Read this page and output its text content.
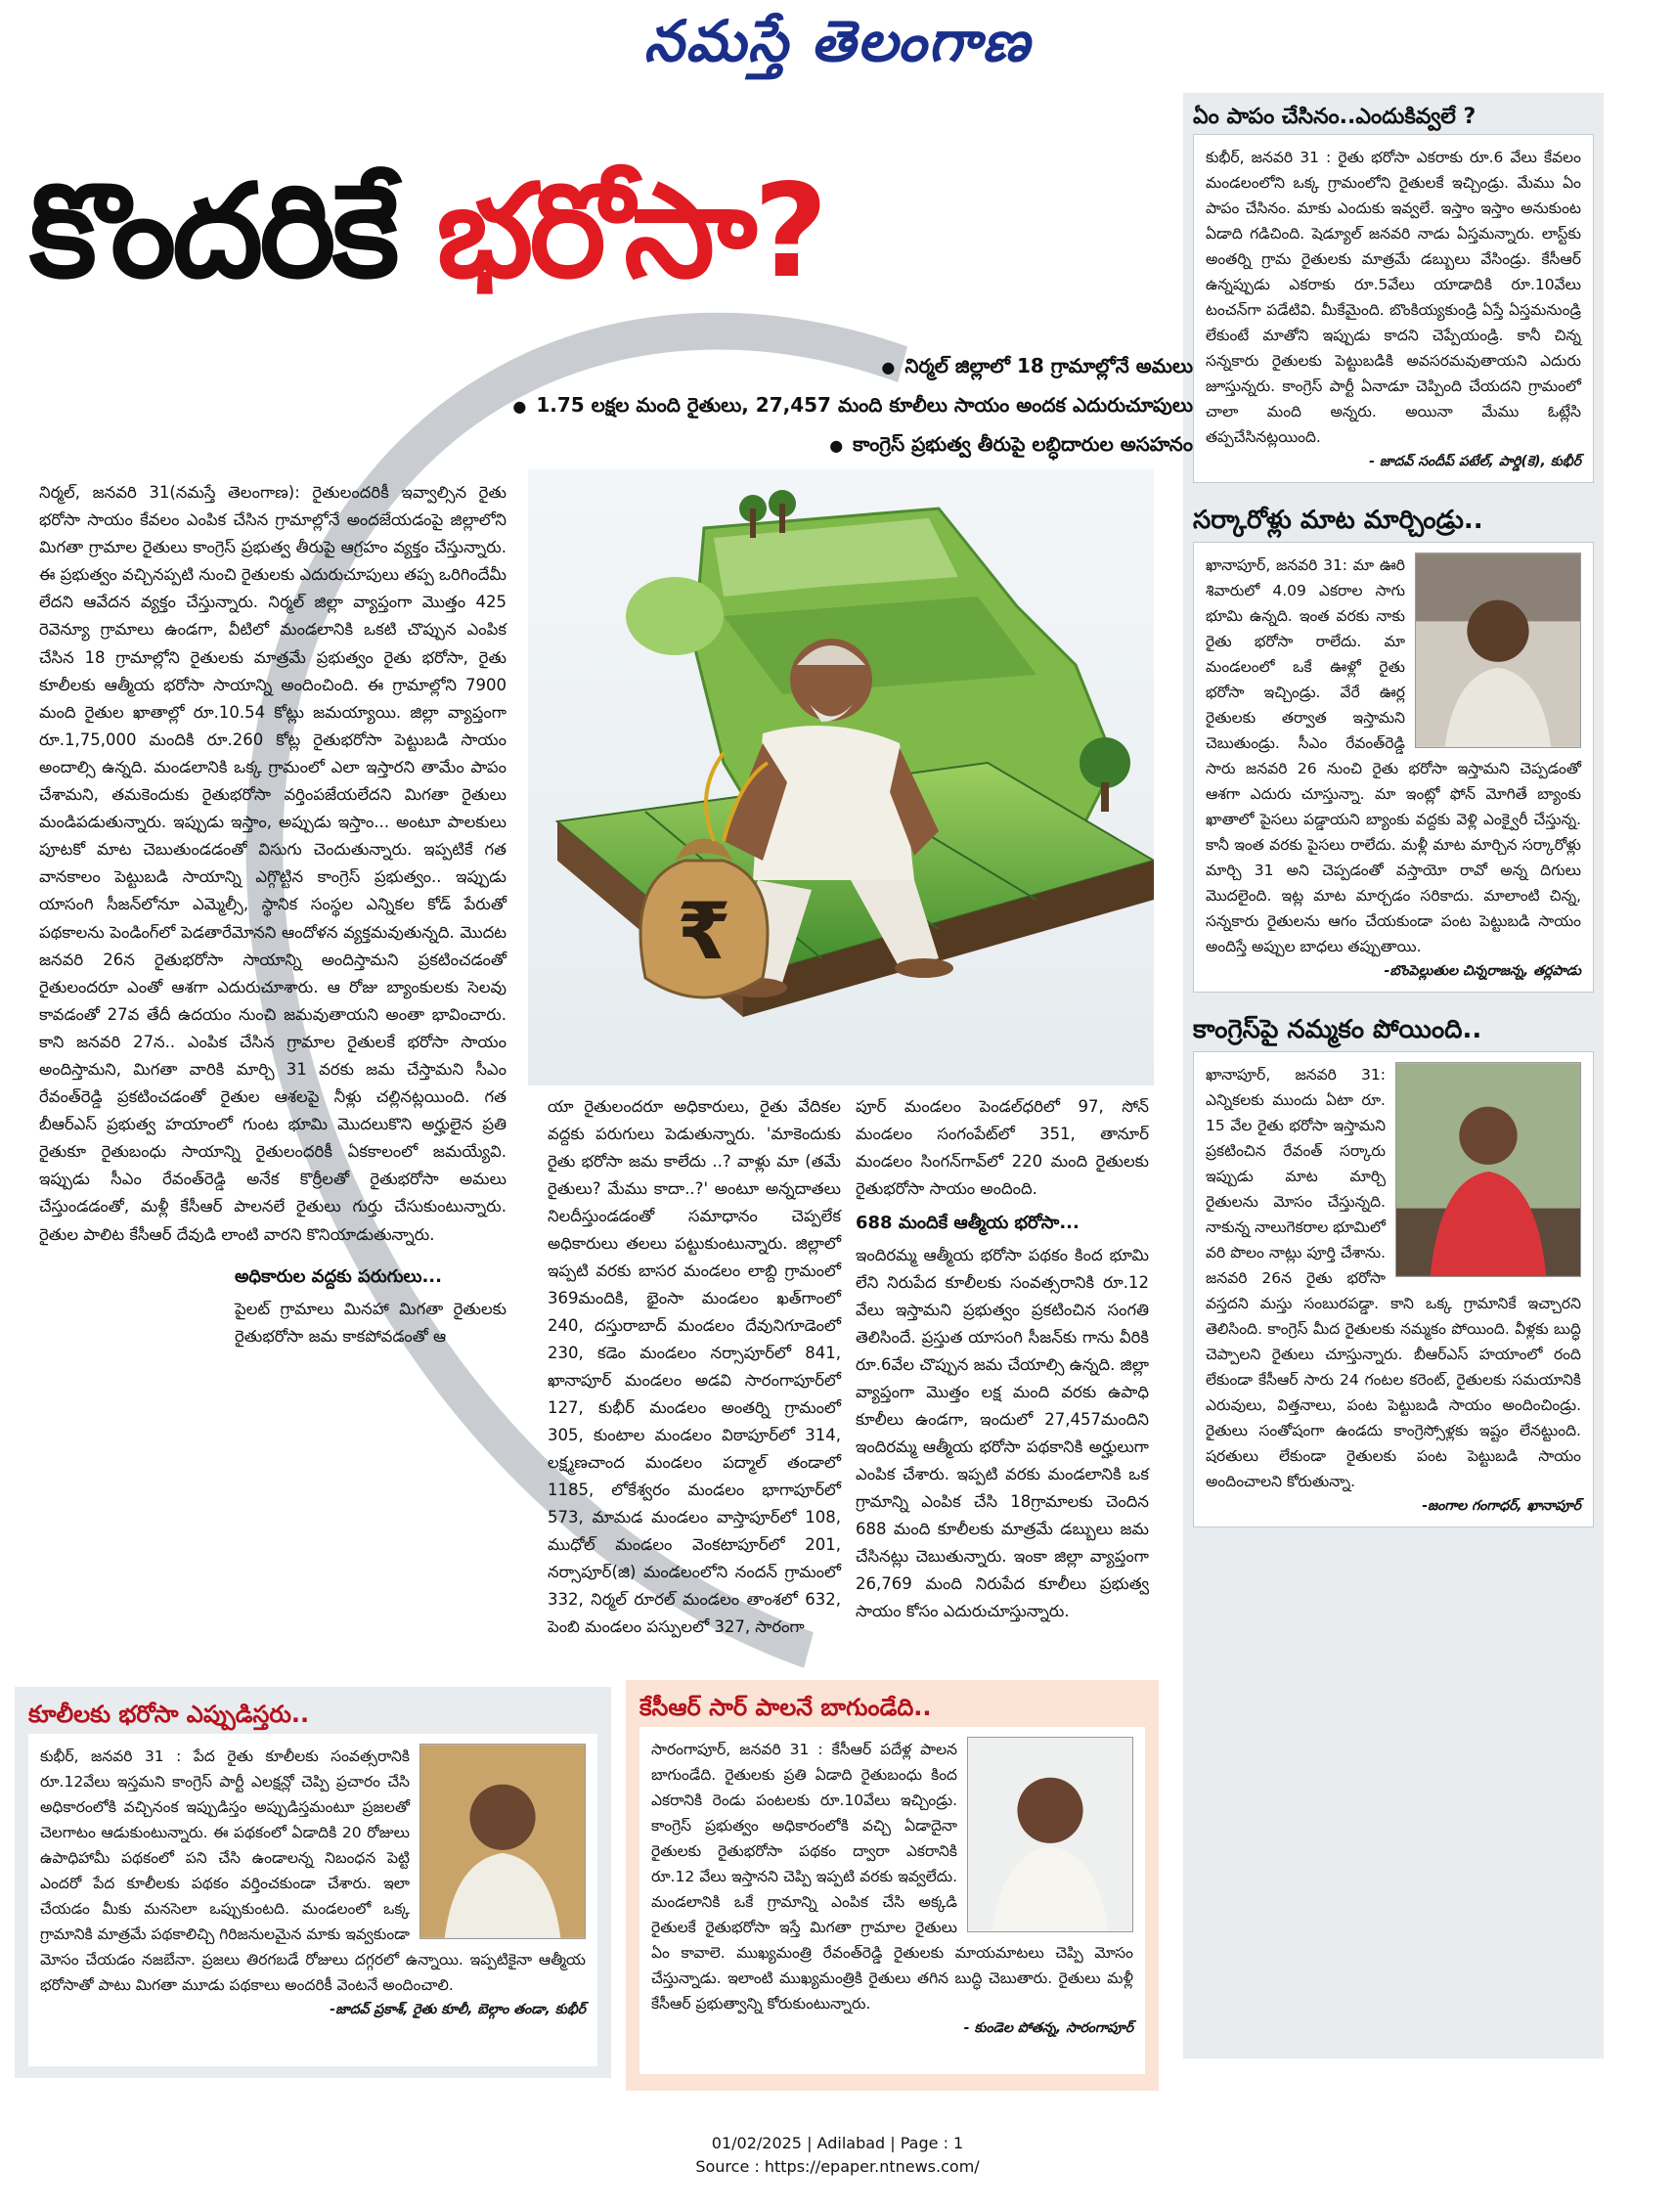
నమస్తే తెలంగాణ
కొందరికే భరోసా?
● నిర్మల్ జిల్లాలో 18 గ్రామాల్లోనే అమలు
● 1.75 లక్షల మంది రైతులు, 27,457 మంది కూలీలు సాయం అందక ఎదురుచూపులు
● కాంగ్రెస్ ప్రభుత్వ తీరుపై లబ్ధిదారుల అసహనం
₹

నిర్మల్, జనవరి 31(నమస్తే తెలంగాణ): రైతులందరికీ ఇవ్వాల్సిన రైతు భరోసా సాయం కేవలం ఎంపిక చేసిన గ్రామాల్లోనే అందజేయడంపై జిల్లాలోని మిగతా గ్రామాల రైతులు కాంగ్రెస్ ప్రభుత్వ తీరుపై ఆగ్రహం వ్యక్తం చేస్తున్నారు. ఈ ప్రభుత్వం వచ్చినప్పటి నుంచి రైతులకు ఎదురుచూపులు తప్ప ఒరిగిందేమీ లేదని ఆవేదన వ్యక్తం చేస్తున్నారు. నిర్మల్ జిల్లా వ్యాప్తంగా మొత్తం 425 రెవెన్యూ గ్రామాలు ఉండగా, వీటిలో మండలానికి ఒకటి చొప్పున ఎంపిక చేసిన 18 గ్రామాల్లోని రైతులకు మాత్రమే ప్రభుత్వం రైతు భరోసా, రైతు కూలీలకు ఆత్మీయ భరోసా సాయాన్ని అందించింది. ఈ గ్రామాల్లోని 7900 మంది రైతుల ఖాతాల్లో రూ.10.54 కోట్లు జమయ్యాయి. జిల్లా వ్యాప్తంగా రూ.1,75,000 మందికి రూ.260 కోట్ల రైతుభరోసా పెట్టుబడి సాయం అందాల్సి ఉన్నది. మండలానికి ఒక్క గ్రామంలో ఎలా ఇస్తారని తామేం పాపం చేశామని, తమకెందుకు రైతుభరోసా వర్తింపజేయలేదని మిగతా రైతులు మండిపడుతున్నారు. ఇప్పుడు ఇస్తాం, అప్పుడు ఇస్తాం... అంటూ పాలకులు పూటకో మాట చెబుతుండడంతో విసుగు చెందుతున్నారు. ఇప్పటికే గత వానకాలం పెట్టుబడి సాయాన్ని ఎగ్గొట్టిన కాంగ్రెస్ ప్రభుత్వం.. ఇప్పుడు యాసంగి సీజన్‌లోనూ ఎమ్మెల్సీ, స్థానిక సంస్థల ఎన్నికల కోడ్ పేరుతో పథకాలను పెండింగ్‌లో పెడతారేమోనని ఆందోళన వ్యక్తమవుతున్నది. మొదట జనవరి 26న రైతుభరోసా సాయాన్ని అందిస్తామని ప్రకటించడంతో రైతులందరూ ఎంతో ఆశగా ఎదురుచూశారు. ఆ రోజు బ్యాంకులకు సెలవు కావడంతో 27వ తేదీ ఉదయం నుంచి జమవుతాయని అంతా భావించారు. కాని జనవరి 27న.. ఎంపిక చేసిన గ్రామాల రైతులకే భరోసా సాయం అందిస్తామని, మిగతా వారికి మార్చి 31 వరకు జమ చేస్తామని సీఎం రేవంత్‌రెడ్డి ప్రకటించడంతో రైతుల ఆశలపై నీళ్లు చల్లినట్లయింది. గత బీఆర్‌ఎస్ ప్రభుత్వ హయాంలో గుంట భూమి మొదలుకొని అర్హులైన ప్రతి రైతుకూ రైతుబంధు సాయాన్ని రైతులందరికీ ఏకకాలంలో జమయ్యేవి. ఇప్పుడు సీఎం రేవంత్‌రెడ్డి అనేక కొర్రీలతో రైతుభరోసా అమలు చేస్తుండడంతో, మళ్లీ కేసీఆర్ పాలనలే రైతులు గుర్తు చేసుకుంటున్నారు. రైతుల పాలిట కేసీఆర్ దేవుడి లాంటి వారని కొనియాడుతున్నారు.

అధికారుల వద్దకు పరుగులు...

పైలట్ గ్రామాలు మినహా మిగతా రైతులకు రైతుభరోసా జమ కాకపోవడంతో ఆ

యా రైతులందరూ అధికారులు, రైతు వేదికల వద్దకు పరుగులు పెడుతున్నారు. 'మాకెందుకు రైతు భరోసా జమ కాలేదు ..? వాళ్లు మా (తమే రైతులు? మేము కాదా..?' అంటూ అన్నదాతలు నిలదీస్తుండడంతో సమాధానం చెప్పలేక అధికారులు తలలు పట్టుకుంటున్నారు. జిల్లాలో ఇప్పటి వరకు బాసర మండలం లాబ్ది గ్రామంలో 369మందికి, భైంసా మండలం ఖత్‌గాంలో 240, దస్తురాబాద్ మండలం దేవునిగూడెంలో 230, కడెం మండలం నర్సాపూర్‌లో 841, ఖానాపూర్ మండలం అడవి సారంగాపూర్‌లో 127, కుభీర్ మండలం అంతర్ని గ్రామంలో 305, కుంటాల మండలం విఠాపూర్‌లో 314, లక్ష్మణచాంద మండలం పద్మాల్ తండాలో 1185, లోకేశ్వరం మండలం భాగాపూర్‌లో 573, మామడ మండలం వాస్తాపూర్‌లో 108, ముధోల్ మండలం వెంకటాపూర్‌లో 201, నర్సాపూర్(జి) మండలంలోని నందన్ గ్రామంలో 332, నిర్మల్ రూరల్ మండలం తాంశలో 632, పెంబి మండలం పస్పులలో 327, సారంగా

పూర్ మండలం పెండల్‌ధరిలో 97, సోన్ మండలం సంగంపేట్‌లో 351, తానూర్ మండలం సింగన్‌గావ్‌లో 220 మంది రైతులకు రైతుభరోసా సాయం అందింది.

688 మందికే ఆత్మీయ భరోసా...

ఇందిరమ్మ ఆత్మీయ భరోసా పథకం కింద భూమి లేని నిరుపేద కూలీలకు సంవత్సరానికి రూ.12 వేలు ఇస్తామని ప్రభుత్వం ప్రకటించిన సంగతి తెలిసిందే. ప్రస్తుత యాసంగి సీజన్‌కు గాను వీరికి రూ.6వేల చొప్పున జమ చేయాల్సి ఉన్నది. జిల్లా వ్యాప్తంగా మొత్తం లక్ష మంది వరకు ఉపాధి కూలీలు ఉండగా, ఇందులో 27,457మందిని ఇందిరమ్మ ఆత్మీయ భరోసా పథకానికి అర్హులుగా ఎంపిక చేశారు. ఇప్పటి వరకు మండలానికి ఒక గ్రామాన్ని ఎంపిక చేసి 18గ్రామాలకు చెందిన 688 మంది కూలీలకు మాత్రమే డబ్బులు జమ చేసినట్లు చెబుతున్నారు. ఇంకా జిల్లా వ్యాప్తంగా 26,769 మంది నిరుపేద కూలీలు ప్రభుత్వ సాయం కోసం ఎదురుచూస్తున్నారు.

ఏం పాపం చేసినం..ఎందుకివ్వలే ?

కుభీర్, జనవరి 31 : రైతు భరోసా ఎకరాకు రూ.6 వేలు కేవలం మండలంలోని ఒక్క గ్రామంలోని రైతులకే ఇచ్చిండ్రు. మేము ఏం పాపం చేసినం. మాకు ఎందుకు ఇవ్వలే. ఇస్తాం ఇస్తాం అనుకుంట ఏడాది గడిచింది. షెడ్యూల్ జనవరి నాడు ఏస్తమన్నారు. లాస్ట్‌కు అంతర్ని గ్రామ రైతులకు మాత్రమే డబ్బులు వేసిండ్రు. కేసీఆర్ ఉన్నప్పుడు ఎకరాకు రూ.5వేలు యాడాదికి రూ.10వేలు టంచన్‌గా పడేటివి. మీకేమైంది. బొంకియ్యకుండ్రి ఏస్తే ఏస్తమనుండ్రి లేకుంటే మాతోని ఇప్పుడు కాదని చెప్పేయండ్రి. కానీ చిన్న సన్నకారు రైతులకు పెట్టుబడికి అవసరమవుతాయని ఎదురు జూస్తున్నరు. కాంగ్రెస్ పార్టీ ఏనాడూ చెప్పింది చేయదని గ్రామంలో చాలా మంది అన్నరు. అయినా మేము ఓట్లేసి తప్పచేసినట్లయింది.

- జాదవ్ సందీప్ పటేల్, పార్డి(కె), కుభీర్
సర్కారోళ్లు మాట మార్చిండ్రు..

ఖానాపూర్, జనవరి 31: మా ఊరి శివారులో 4.09 ఎకరాల సాగు భూమి ఉన్నది. ఇంత వరకు నాకు రైతు భరోసా రాలేదు. మా మండలంలో ఒకే ఊళ్లో రైతు భరోసా ఇచ్చిండ్రు. వేరే ఊర్ల రైతులకు తర్వాత ఇస్తామని చెబుతుండ్రు. సీఎం రేవంత్‌రెడ్డి సారు జనవరి 26 నుంచి రైతు భరోసా ఇస్తామని చెప్పడంతో ఆశగా ఎదురు చూస్తున్నా. మా ఇంట్లో ఫోన్ మోగితే బ్యాంకు ఖాతాలో పైసలు పడ్డాయని బ్యాంకు వద్దకు వెళ్లి ఎంక్వైరీ చేస్తున్న. కానీ ఇంత వరకు పైసలు రాలేదు. మళ్లీ మాట మార్చిన సర్కారోళ్లు మార్చి 31 అని చెప్పడంతో వస్తాయో రావో అన్న దిగులు మొదలైంది. ఇట్ల మాట మార్చడం సరికాదు. మాలాంటి చిన్న, సన్నకారు రైతులను ఆగం చేయకుండా పంట పెట్టుబడి సాయం అందిస్తే అప్పుల బాధలు తప్పుతాయి.

-బొంపెల్లుతుల చిన్నరాజన్న, తర్లపాడు
కాంగ్రెస్‌పై నమ్మకం పోయింది..

ఖానాపూర్, జనవరి 31: ఎన్నికలకు ముందు ఏటా రూ. 15 వేల రైతు భరోసా ఇస్తామని ప్రకటించిన రేవంత్ సర్కారు ఇప్పుడు మాట మార్చి రైతులను మోసం చేస్తున్నది. నాకున్న నాలుగెకరాల భూమిలో వరి పొలం నాట్లు పూర్తి చేశాను. జనవరి 26న రైతు భరోసా వస్తదని మస్తు సంబురపడ్డా. కాని ఒక్క గ్రామానికే ఇచ్చారని తెలిసింది. కాంగ్రెస్ మీద రైతులకు నమ్మకం పోయింది. వీళ్లకు బుద్ధి చెప్పాలని రైతులు చూస్తున్నారు. బీఆర్‌ఎస్ హయాంలో రంది లేకుండా కేసీఆర్ సారు 24 గంటల కరెంట్, రైతులకు సమయానికి ఎరువులు, విత్తనాలు, పంట పెట్టుబడి సాయం అందించిండ్రు. రైతులు సంతోషంగా ఉండదు కాంగ్రెస్సోళ్లకు ఇష్టం లేనట్టుంది. షరతులు లేకుండా రైతులకు పంట పెట్టుబడి సాయం అందించాలని కోరుతున్నా.

-జంగాల గంగాధర్, ఖానాపూర్
కూలీలకు భరోసా ఎప్పుడిస్తరు..

కుభీర్, జనవరి 31 : పేద రైతు కూలీలకు సంవత్సరానికి రూ.12వేలు ఇస్తమని కాంగ్రెస్ పార్టీ ఎలక్షన్లో చెప్పి ప్రచారం చేసి అధికారంలోకి వచ్చినంక ఇప్పుడిస్తం అప్పుడిస్తమంటూ ప్రజలతో చెలగాటం ఆడుకుంటున్నారు. ఈ పథకంలో ఏడాదికి 20 రోజులు ఉపాధిహామీ పథకంలో పని చేసి ఉండాలన్న నిబంధన పెట్టి ఎందరో పేద కూలీలకు పథకం వర్తించకుండా చేశారు. ఇలా చేయడం మీకు మనసెలా ఒప్పుకుంటది. మండలంలో ఒక్క గ్రామానికి మాత్రమే పథకాలిచ్చి గిరిజనులమైన మాకు ఇవ్వకుండా మోసం చేయడం నజబేనా. ప్రజలు తిరగబడే రోజులు దగ్గరలో ఉన్నాయి. ఇప్పటికైనా ఆత్మీయ భరోసాతో పాటు మిగతా మూడు పథకాలు అందరికీ వెంటనే అందించాలి.

-జాదవ్ ప్రకాశ్, రైతు కూలీ, బెల్గాం తండా, కుభీర్
కేసీఆర్ సార్ పాలనే బాగుండేది..

సారంగాపూర్, జనవరి 31 : కేసీఆర్ పదేళ్ల పాలన బాగుండేది. రైతులకు ప్రతి ఏడాది రైతుబంధు కింద ఎకరానికి రెండు పంటలకు రూ.10వేలు ఇచ్చిండ్రు. కాంగ్రెస్ ప్రభుత్వం అధికారంలోకి వచ్చి ఏడాదైనా రైతులకు రైతుభరోసా పథకం ద్వారా ఎకరానికి రూ.12 వేలు ఇస్తానని చెప్పి ఇప్పటి వరకు ఇవ్వలేదు. మండలానికి ఒకే గ్రామాన్ని ఎంపిక చేసి అక్కడి రైతులకే రైతుభరోసా ఇస్తే మిగతా గ్రామాల రైతులు ఏం కావాలె. ముఖ్యమంత్రి రేవంత్‌రెడ్డి రైతులకు మాయమాటలు చెప్పి మోసం చేస్తున్నాడు. ఇలాంటి ముఖ్యమంత్రికి రైతులు తగిన బుద్ధి చెబుతారు. రైతులు మళ్లీ కేసీఆర్ ప్రభుత్వాన్ని కోరుకుంటున్నారు.

- కుండెల పోతన్న, సారంగాపూర్
01/02/2025 | Adilabad | Page : 1
Source : https://epaper.ntnews.com/
